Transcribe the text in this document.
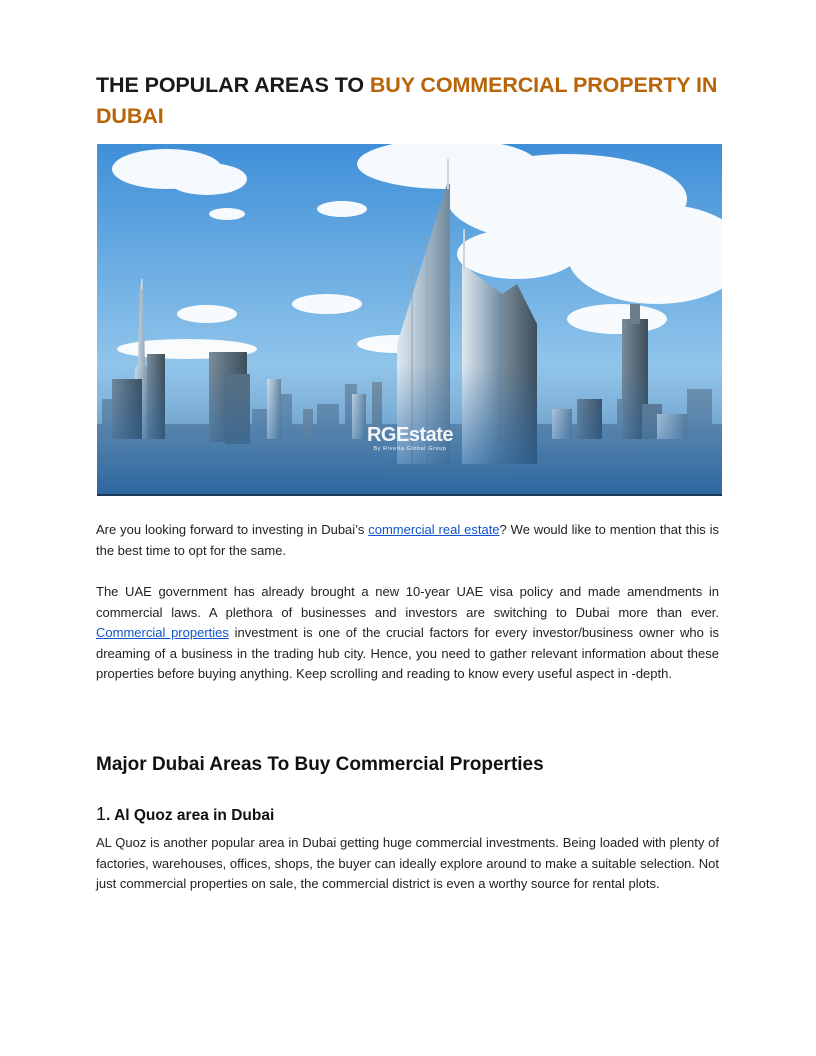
THE POPULAR AREAS TO BUY COMMERCIAL PROPERTY IN DUBAI
RGEstate
By Riveria Global Group

Are you looking forward to investing in Dubai’s commercial real estate? We would like to mention that this is the best time to opt for the same.

The UAE government has already brought a new 10-year UAE visa policy and made amendments in commercial laws. A plethora of businesses and investors are switching to Dubai more than ever. Commercial properties investment is one of the crucial factors for every investor/business owner who is dreaming of a business in the trading hub city. Hence, you need to gather relevant information about these properties before buying anything. Keep scrolling and reading to know every useful aspect in -depth.

Major Dubai Areas To Buy Commercial Properties
1. Al Quoz area in Dubai

AL Quoz is another popular area in Dubai getting huge commercial investments. Being loaded with plenty of factories, warehouses, offices, shops, the buyer can ideally explore around to make a suitable selection. Not just commercial properties on sale, the commercial district is even a worthy source for rental plots.
